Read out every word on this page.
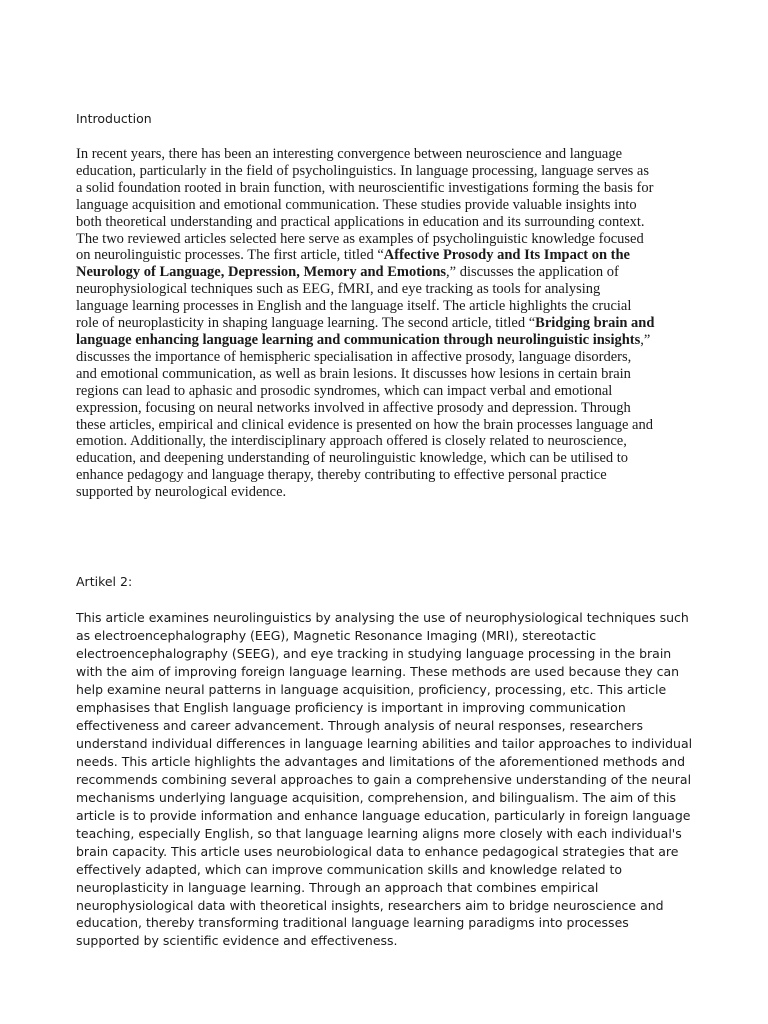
Introduction

In recent years, there has been an interesting convergence between neuroscience and language
education, particularly in the field of psycholinguistics. In language processing, language serves as
a solid foundation rooted in brain function, with neuroscientific investigations forming the basis for
language acquisition and emotional communication. These studies provide valuable insights into
both theoretical understanding and practical applications in education and its surrounding context.
The two reviewed articles selected here serve as examples of psycholinguistic knowledge focused
on neurolinguistic processes. The first article, titled “Affective Prosody and Its Impact on the
Neurology of Language, Depression, Memory and Emotions,” discusses the application of
neurophysiological techniques such as EEG, fMRI, and eye tracking as tools for analysing
language learning processes in English and the language itself. The article highlights the crucial
role of neuroplasticity in shaping language learning. The second article, titled “Bridging brain and
language enhancing language learning and communication through neurolinguistic insights,”
discusses the importance of hemispheric specialisation in affective prosody, language disorders,
and emotional communication, as well as brain lesions. It discusses how lesions in certain brain
regions can lead to aphasic and prosodic syndromes, which can impact verbal and emotional
expression, focusing on neural networks involved in affective prosody and depression. Through
these articles, empirical and clinical evidence is presented on how the brain processes language and
emotion. Additionally, the interdisciplinary approach offered is closely related to neuroscience,
education, and deepening understanding of neurolinguistic knowledge, which can be utilised to
enhance pedagogy and language therapy, thereby contributing to effective personal practice
supported by neurological evidence.

Artikel 2:

This article examines neurolinguistics by analysing the use of neurophysiological techniques such
as electroencephalography (EEG), Magnetic Resonance Imaging (MRI), stereotactic
electroencephalography (SEEG), and eye tracking in studying language processing in the brain
with the aim of improving foreign language learning. These methods are used because they can
help examine neural patterns in language acquisition, proficiency, processing, etc. This article
emphasises that English language proficiency is important in improving communication
effectiveness and career advancement. Through analysis of neural responses, researchers
understand individual differences in language learning abilities and tailor approaches to individual
needs. This article highlights the advantages and limitations of the aforementioned methods and
recommends combining several approaches to gain a comprehensive understanding of the neural
mechanisms underlying language acquisition, comprehension, and bilingualism. The aim of this
article is to provide information and enhance language education, particularly in foreign language
teaching, especially English, so that language learning aligns more closely with each individual's
brain capacity. This article uses neurobiological data to enhance pedagogical strategies that are
effectively adapted, which can improve communication skills and knowledge related to
neuroplasticity in language learning. Through an approach that combines empirical
neurophysiological data with theoretical insights, researchers aim to bridge neuroscience and
education, thereby transforming traditional language learning paradigms into processes
supported by scientific evidence and effectiveness.
